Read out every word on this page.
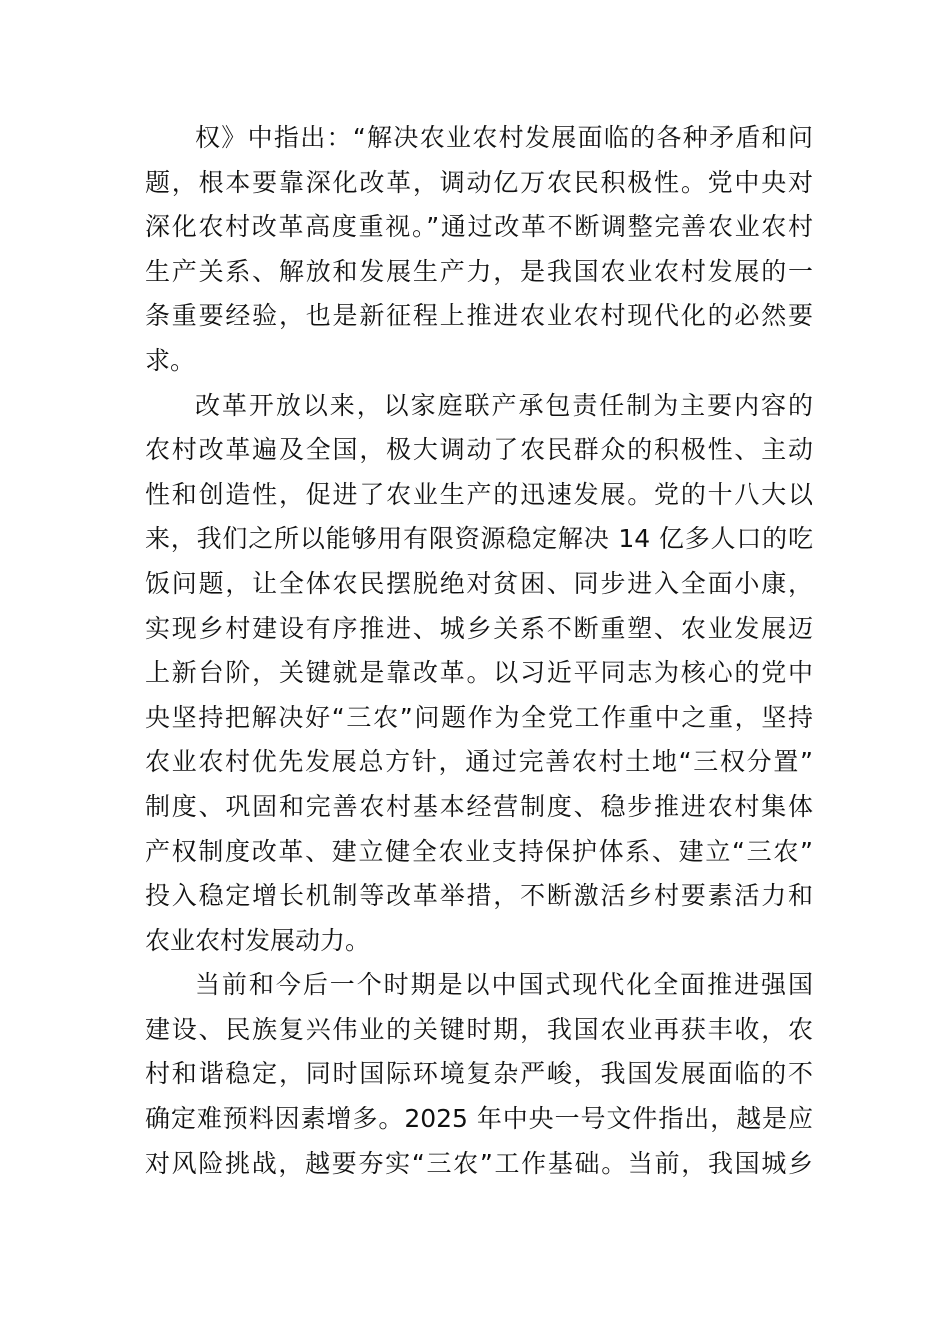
权》中指出：“解决农业农村发展面临的各种矛盾和问
题，根本要靠深化改革，调动亿万农民积极性。党中央对
深化农村改革高度重视。”通过改革不断调整完善农业农村
生产关系、解放和发展生产力，是我国农业农村发展的一
条重要经验，也是新征程上推进农业农村现代化的必然要
求。
改革开放以来，以家庭联产承包责任制为主要内容的
农村改革遍及全国，极大调动了农民群众的积极性、主动
性和创造性，促进了农业生产的迅速发展。党的十八大以
来，我们之所以能够用有限资源稳定解决 14 亿多人口的吃
饭问题，让全体农民摆脱绝对贫困、同步进入全面小康，
实现乡村建设有序推进、城乡关系不断重塑、农业发展迈
上新台阶，关键就是靠改革。以习近平同志为核心的党中
央坚持把解决好“三农”问题作为全党工作重中之重，坚持
农业农村优先发展总方针，通过完善农村土地“三权分置”
制度、巩固和完善农村基本经营制度、稳步推进农村集体
产权制度改革、建立健全农业支持保护体系、建立“三农”
投入稳定增长机制等改革举措，不断激活乡村要素活力和
农业农村发展动力。
当前和今后一个时期是以中国式现代化全面推进强国
建设、民族复兴伟业的关键时期，我国农业再获丰收，农
村和谐稳定，同时国际环境复杂严峻，我国发展面临的不
确定难预料因素增多。2025 年中央一号文件指出，越是应
对风险挑战，越要夯实“三农”工作基础。当前，我国城乡
